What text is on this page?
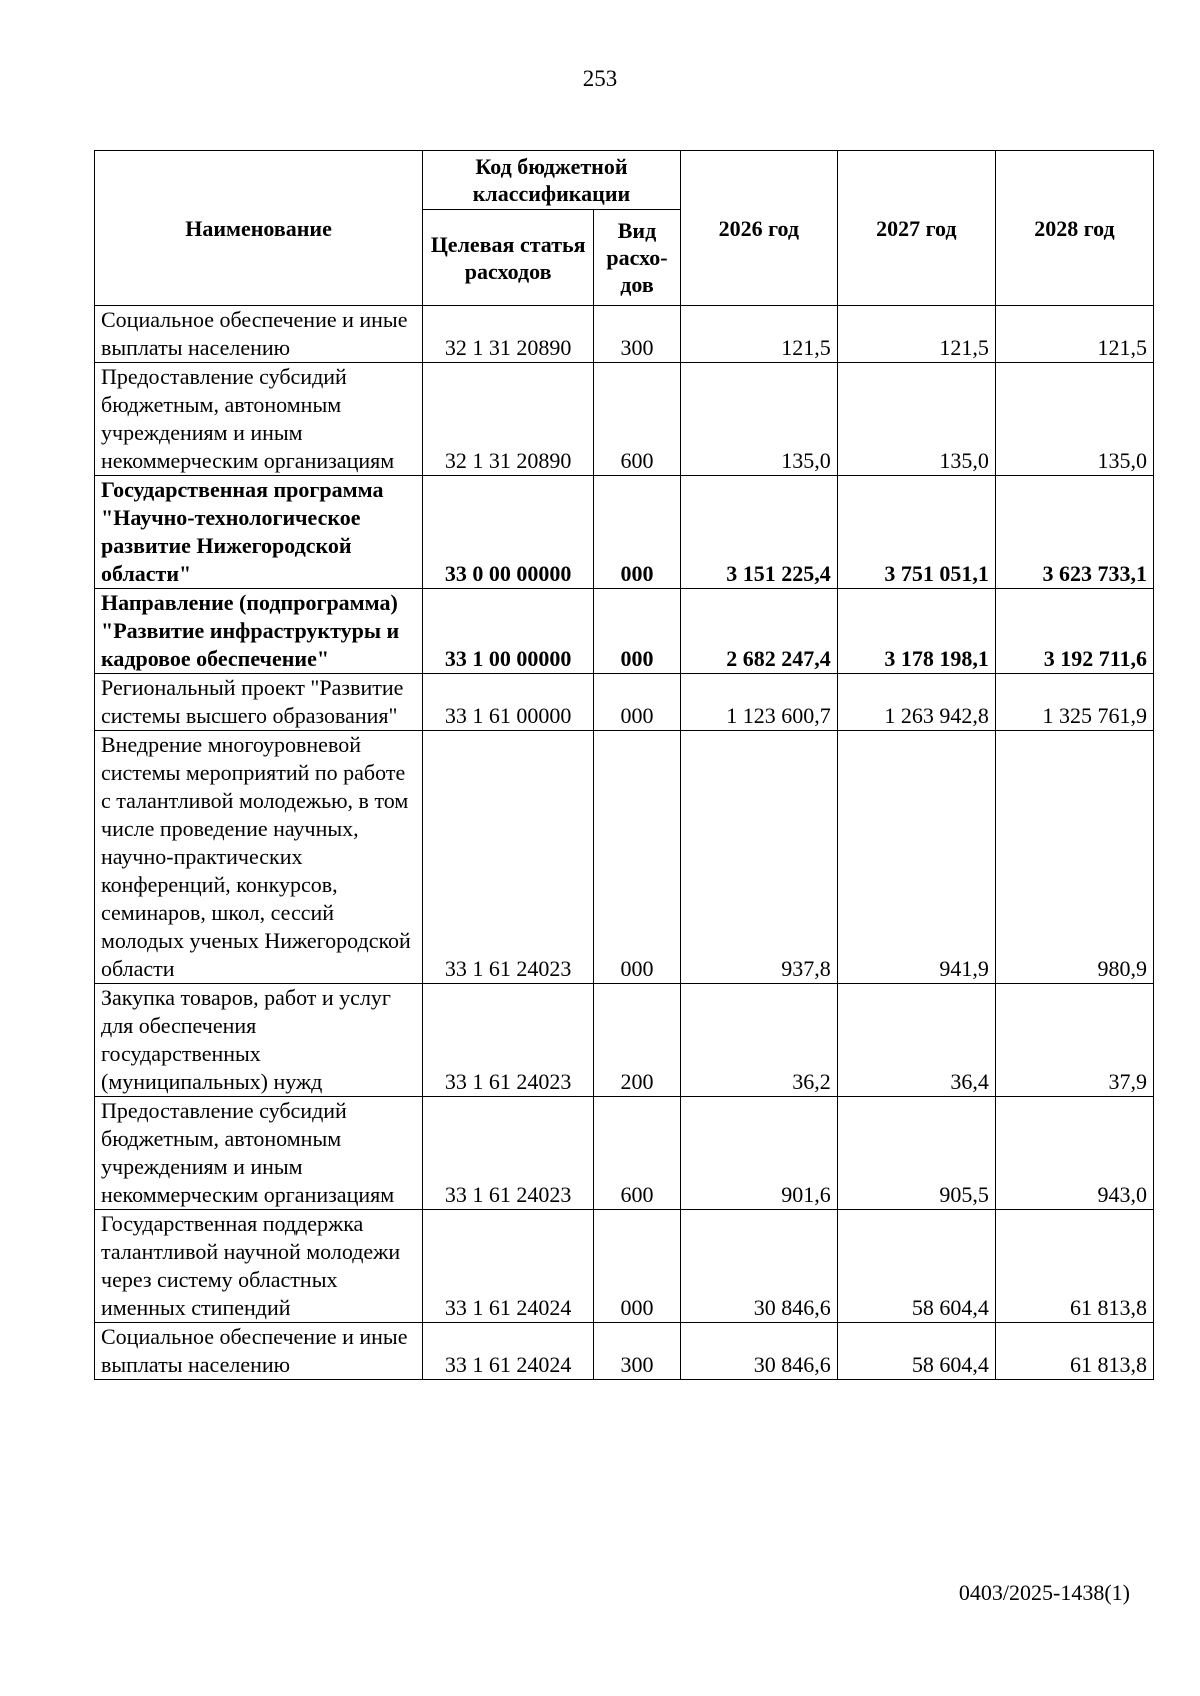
253
Наименование	Код бюджетной классификации		2026 год	2027 год	2028 год
	Целевая статья расходов	Вид расхо-дов			
Социальное обеспечение и иные выплаты населению	32 1 31 20890	300	121,5	121,5	121,5
Предоставление субсидий бюджетным, автономным учреждениям и иным некоммерческим организациям	32 1 31 20890	600	135,0	135,0	135,0
Государственная программа "Научно-технологическое развитие Нижегородской области"	33 0 00 00000	000	3 151 225,4	3 751 051,1	3 623 733,1
Направление (подпрограмма) "Развитие инфраструктуры и кадровое обеспечение"	33 1 00 00000	000	2 682 247,4	3 178 198,1	3 192 711,6
Региональный проект "Развитие системы высшего образования"	33 1 61 00000	000	1 123 600,7	1 263 942,8	1 325 761,9
Внедрение многоуровневой системы мероприятий по работе с талантливой молодежью, в том числе проведение научных, научно-практических конференций, конкурсов, семинаров, школ, сессий молодых ученых Нижегородской области	33 1 61 24023	000	937,8	941,9	980,9
Закупка товаров, работ и услуг для обеспечения государственных (муниципальных) нужд	33 1 61 24023	200	36,2	36,4	37,9
Предоставление субсидий бюджетным, автономным учреждениям и иным некоммерческим организациям	33 1 61 24023	600	901,6	905,5	943,0
Государственная поддержка талантливой научной молодежи через систему областных именных стипендий	33 1 61 24024	000	30 846,6	58 604,4	61 813,8
Социальное обеспечение и иные выплаты населению	33 1 61 24024	300	30 846,6	58 604,4	61 813,8
0403/2025-1438(1)
